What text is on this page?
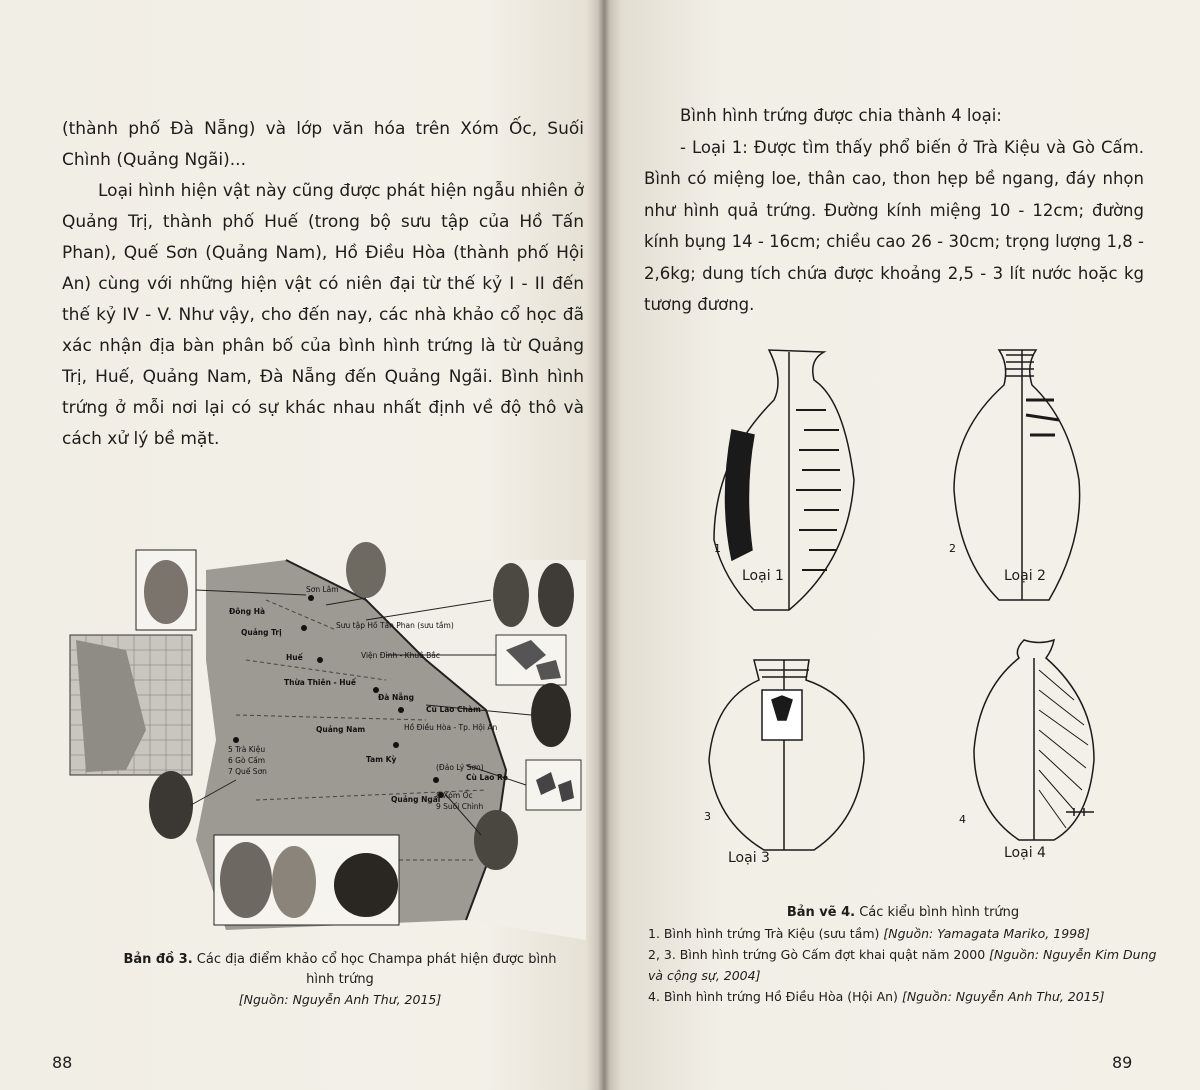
(thành phố Đà Nẵng) và lớp văn hóa trên Xóm Ốc, Suối Chình (Quảng Ngãi)...

Loại hình hiện vật này cũng được phát hiện ngẫu nhiên ở Quảng Trị, thành phố Huế (trong bộ sưu tập của Hồ Tấn Phan), Quế Sơn (Quảng Nam), Hồ Điều Hòa (thành phố Hội An) cùng với những hiện vật có niên đại từ thế kỷ I - II đến thế kỷ IV - V. Như vậy, cho đến nay, các nhà khảo cổ học đã xác nhận địa bàn phân bố của bình hình trứng là từ Quảng Trị, Huế, Quảng Nam, Đà Nẵng đến Quảng Ngãi. Bình hình trứng ở mỗi nơi lại có sự khác nhau nhất định về độ thô và cách xử lý bề mặt.

Sơn Lâm
Đông Hà
Quảng Trị
Sưu tập Hồ Tấn Phan (sưu tầm)
Huế	Viện Đình - Khuê Bắc
Thừa Thiên - Huế
Đà Nẵng
Cù Lao Chàm
Hồ Điều Hòa - Tp. Hội An
Quảng Nam
5 Trà Kiệu
6 Gò Cấm
7 Quế Sơn
Tam Kỳ
(Đảo Lý Sơn)
Cù Lao Ré
8 Xóm Ốc
9 Suối Chình
Quảng Ngãi
Bản đồ 3. Các địa điểm khảo cổ học Champa phát hiện được bình hình trứng
[Nguồn: Nguyễn Anh Thư, 2015]
88

Bình hình trứng được chia thành 4 loại:

- Loại 1: Được tìm thấy phổ biến ở Trà Kiệu và Gò Cấm. Bình có miệng loe, thân cao, thon hẹp bề ngang, đáy nhọn như hình quả trứng. Đường kính miệng 10 - 12cm; đường kính bụng 14 - 16cm; chiều cao 26 - 30cm; trọng lượng 1,8 - 2,6kg; dung tích chứa được khoảng 2,5 - 3 lít nước hoặc kg tương đương.

1	2
3	4
Loại 1	Loại 2
Loại 3	Loại 4
Bản vẽ 4. Các kiểu bình hình trứng
1. Bình hình trứng Trà Kiệu (sưu tầm) [Nguồn: Yamagata Mariko, 1998]
2, 3. Bình hình trứng Gò Cấm đợt khai quật năm 2000 [Nguồn: Nguyễn Kim Dung và cộng sự, 2004]
4. Bình hình trứng Hồ Điều Hòa (Hội An) [Nguồn: Nguyễn Anh Thư, 2015]
89
